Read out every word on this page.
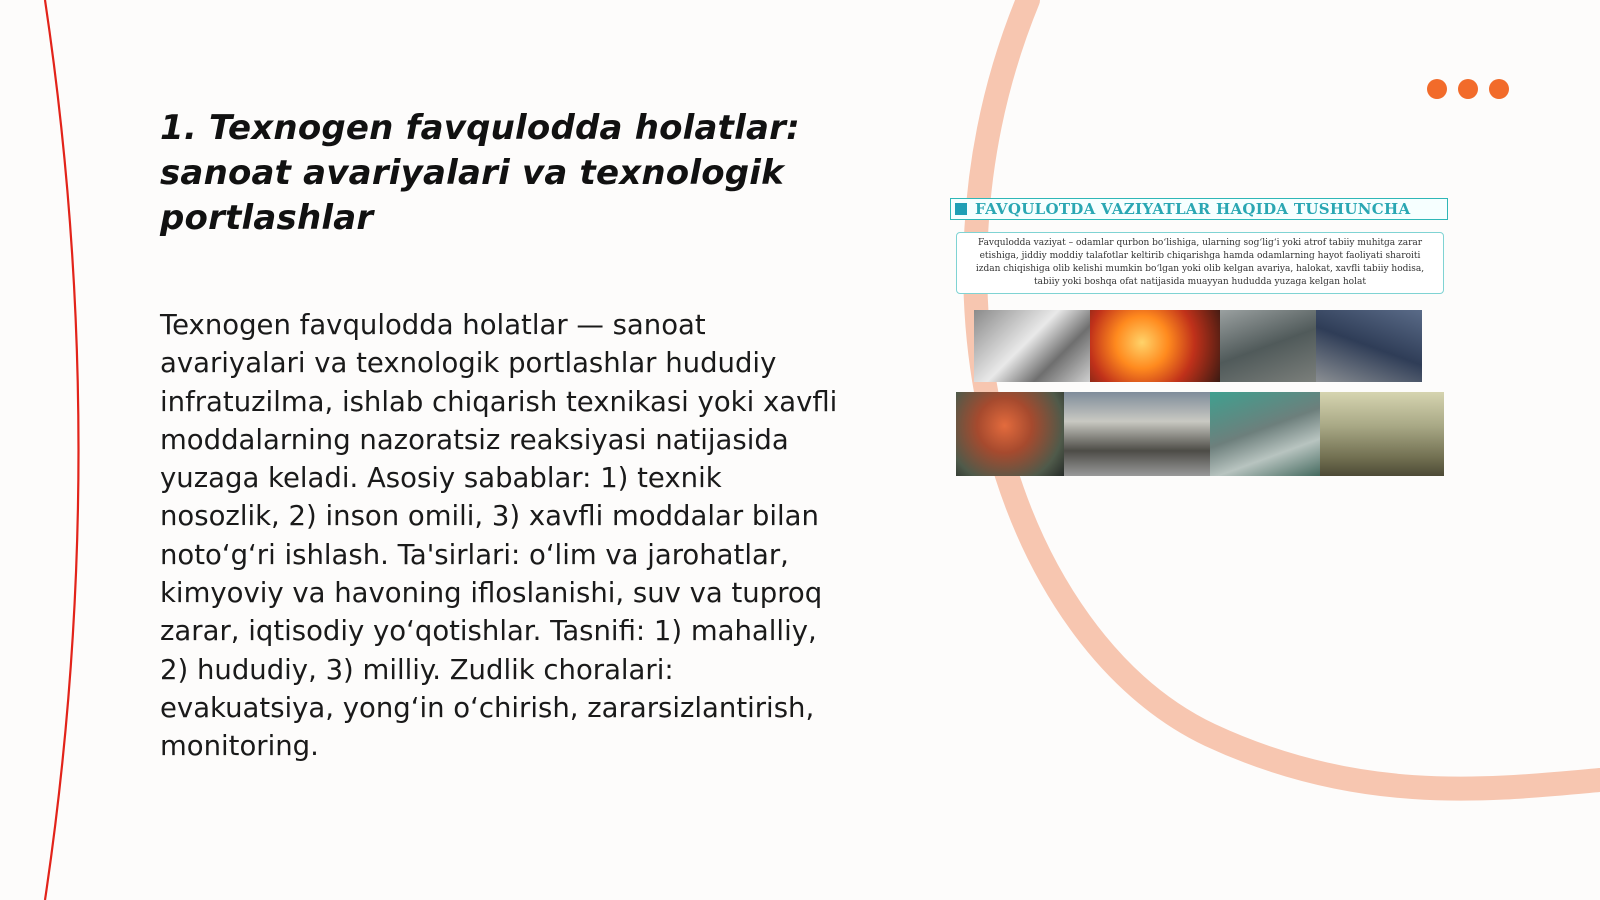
1. Texnogen favqulodda holatlar: sanoat avariyalari va texnologik portlashlar

Texnogen favqulodda holatlar — sanoat avariyalari va texnologik portlashlar hududiy infratuzilma, ishlab chiqarish texnikasi yoki xavfli moddalarning nazoratsiz reaksiyasi natijasida yuzaga keladi. Asosiy sabablar: 1) texnik nosozlik, 2) inson omili, 3) xavfli moddalar bilan noto‘g‘ri ishlash. Ta'sirlari: o‘lim va jarohatlar, kimyoviy va havoning ifloslanishi, suv va tuproq zarar, iqtisodiy yo‘qotishlar. Tasnifi: 1) mahalliy, 2) hududiy, 3) milliy. Zudlik choralari: evakuatsiya, yong‘in o‘chirish, zararsizlantirish, monitoring.

FAVQULOTDA VAZIYATLAR HAQIDA TUSHUNCHA

Favqulodda vaziyat – odamlar qurbon bo‘lishiga, ularning sog‘lig‘i yoki atrof tabiiy muhitga zarar etishiga, jiddiy moddiy talafotlar keltirib chiqarishga hamda odamlarning hayot faoliyati sharoiti izdan chiqishiga olib kelishi mumkin bo‘lgan yoki olib kelgan avariya, halokat, xavfli tabiiy hodisa, tabiiy yoki boshqa ofat natijasida muayyan hududda yuzaga kelgan holat
